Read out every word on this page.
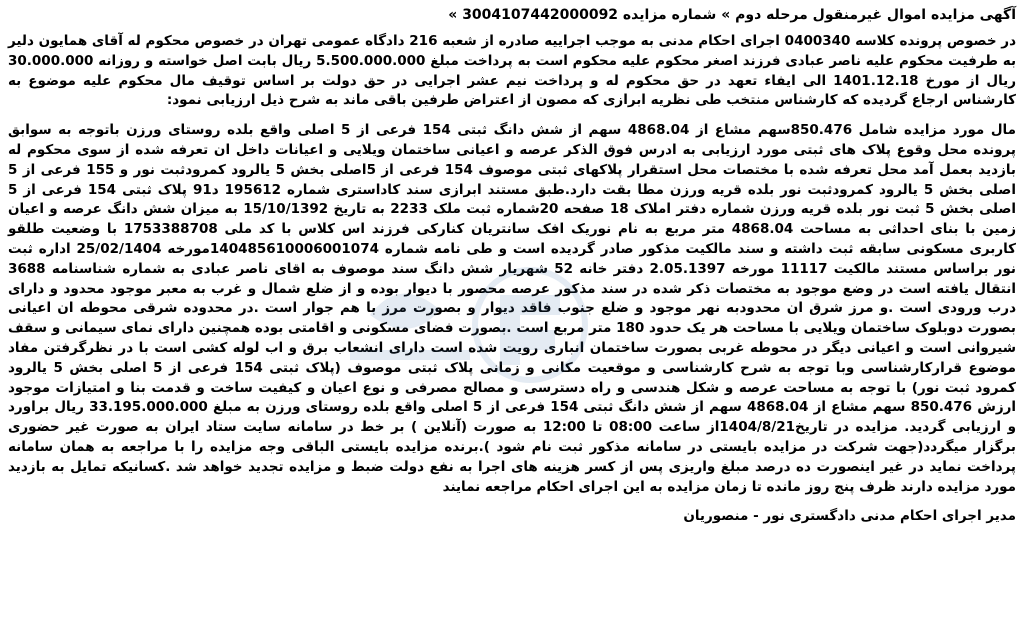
آگهی مزایده اموال غیرمنقول مرحله دوم » شماره مزایده 3004107442000092 »
در خصوص پرونده کلاسه 0400340 اجرای احکام مدنی به موجب اجراییه صادره از شعبه 216 دادگاه عمومی تهران در خصوص محکوم له آقای همایون دلیر به طرفیت محکوم علیه ناصر عبادی فرزند اصغر محکوم علیه محکوم است به پرداخت مبلغ 5.500.000.000 ریال بابت اصل خواسته و روزانه 30.000.000 ریال از مورخ 1401.12.18 الی ایفاء تعهد در حق محکوم له و پرداخت نیم عشر اجرایی در حق دولت بر اساس توقیف مال محکوم علیه موضوع به کارشناس ارجاع گردیده که کارشناس منتخب طی نظریه ابرازی که مصون از اعتراض طرفین باقی ماند به شرح ذیل ارزیابی نمود:
مال مورد مزایده شامل 850.476سهم مشاع از 4868.04 سهم از شش دانگ ثبتی 154 فرعی از 5 اصلی واقع بلده روستای ورزن باتوجه به سوابق پرونده محل وقوع پلاک های ثبتی مورد ارزیابی به ادرس فوق الذکر عرصه و اعیانی ساختمان ویلایی و اعیانات داخل ان تعرفه شده از سوی محکوم له بازدید بعمل آمد محل تعرفه شده با مختصات محل استقرار پلاکهای ثبتی موصوف 154 فرعی از 5اصلی بخش 5 یالرود کمرودثبت نور و 155 فرعی از 5 اصلی بخش 5 یالرود کمرودثبت نور بلده قریه ورزن مطا بقت دارد.طبق مستند ابرازی سند کاداستری شماره 195612 د91 پلاک ثبتی 154 فرعی از 5 اصلی بخش 5 ثبت نور بلده قریه ورزن شماره دفتر املاک 18 صفحه 20شماره ثبت ملک 2233 به تاریخ 15/10/1392 به میزان شش دانگ عرصه و اعیان زمین با بنای احداثی به مساحت 4868.04 متر مربع به نام نوریک افک سانتریان کنارکی فرزند اس کلاس با کد ملی 1753388708 با وضعیت طلقو کاربری مسکونی سابقه ثبت داشته و سند مالکیت مذکور صادر گردیده است و طی نامه شماره 140485610006001074مورخه 25/02/1404 اداره ثبت نور براساس مستند مالکیت 11117 مورخه 2.05.1397 دفتر خانه 52 شهریار شش دانگ سند موصوف به اقای ناصر عبادی به شماره شناسنامه 3688 انتقال یافته است در وضع موجود به مختصات ذکر شده در سند مذکور عرصه محصور با دیوار بوده و از ضلع شمال و غرب به معبر موجود محدود و دارای درب ورودی است .و مرز شرق ان محدودبه نهر موجود و ضلع جنوب فاقد دیوار و بصورت مرز با هم جوار است .در محدوده شرقی محوطه ان اعیانی بصورت دوبلوک ساختمان ویلایی با مساحت هر یک حدود 180 متر مربع است .بصورت فضای مسکونی و اقامتی بوده همچنین دارای نمای سیمانی و سقف شیروانی است و اعیانی دیگر در محوطه غربی بصورت ساختمان انباری رویت شده است دارای انشعاب برق و اب لوله کشی است با در نظرگرفتن مفاد موضوع قرارکارشناسی وبا توجه به شرح کارشناسی و موقعیت مکانی و زمانی پلاک ثبتی موصوف (پلاک ثبتی 154 فرعی از 5 اصلی بخش 5 یالرود کمرود ثبت نور) با توجه به مساحت عرصه و شکل هندسی و راه دسترسی و مصالح مصرفی و نوع اعیان و کیفیت ساخت و قدمت بنا و امتیازات موجود ارزش 850.476 سهم مشاع از 4868.04 سهم از شش دانگ ثبتی 154 فرعی از 5 اصلی واقع بلده روستای ورزن به مبلغ 33.195.000.000 ریال براورد و ارزیابی گردید. مزایده در تاریخ1404/8/21از ساعت 08:00 تا 12:00 به صورت (آنلاین ) بر خط در سامانه سایت ستاد ایران به صورت غیر حضوری برگزار میگردد(جهت شرکت در مزایده بایستی در سامانه مذکور ثبت نام شود ).برنده مزایده بایستی الباقی وجه مزایده را با مراجعه به همان سامانه پرداخت نماید در غیر اینصورت ده درصد مبلغ واریزی پس از کسر هزینه های اجرا به نفع دولت ضبط و مزایده تجدید خواهد شد .کسانیکه تمایل به بازدید مورد مزایده دارند ظرف پنج روز مانده تا زمان مزایده به این اجرای احکام مراجعه نمایند
مدیر اجرای احکام مدنی دادگستری نور - منصوریان
